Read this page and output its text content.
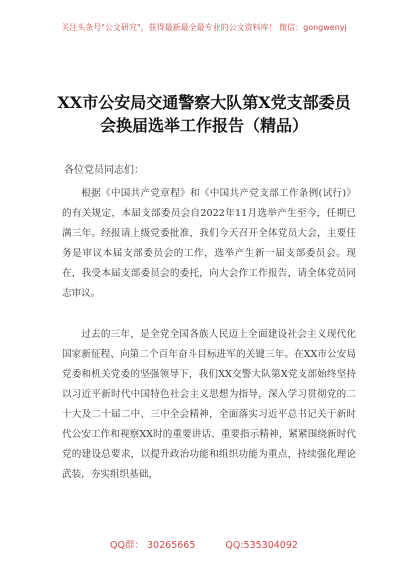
关注头条号"公文研究"，获得最新最全最专业的公文资料库！ 微信：gongwenyj
XX市公安局交通警察大队第X党支部委员
会换届选举工作报告（精品）
各位党员同志们：
根据《中国共产党章程》和《中国共产党支部工作条例(试行)》的有关规定，本届支部委员会自2022年11月选举产生至今，任期已满三年。经报请上级党委批准，我们今天召开全体党员大会，主要任务是审议本届支部委员会的工作，选举产生新一届支部委员会。现在，我受本届支部委员会的委托，向大会作工作报告，请全体党员同志审议。
过去的三年，是全党全国各族人民迈上全面建设社会主义现代化国家新征程、向第二个百年奋斗目标进军的关键三年。在XX市公安局党委和机关党委的坚强领导下，我们XX交警大队第X党支部始终坚持以习近平新时代中国特色社会主义思想为指导，深入学习贯彻党的二十大及二十届二中、三中全会精神，全面落实习近平总书记关于新时代公安工作和视察XX时的重要讲话、重要指示精神，紧紧围绕新时代党的建设总要求，以提升政治功能和组织功能为重点，持续强化理论武装，夯实组织基础，
QQ群： 30265665	QQ:535304092
